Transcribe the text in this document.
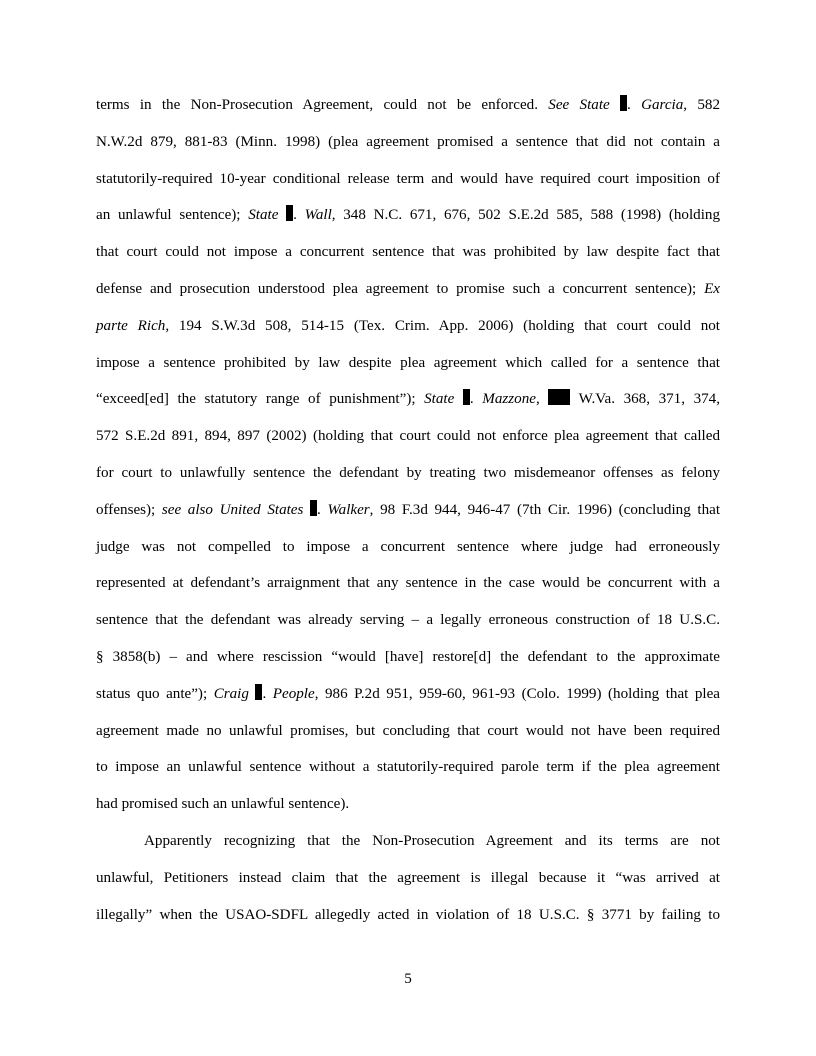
terms in the Non-Prosecution Agreement, could not be enforced. See State . Garcia, 582
N.W.2d 879, 881-83 (Minn. 1998) (plea agreement promised a sentence that did not contain a
statutorily-required 10-year conditional release term and would have required court imposition of
an unlawful sentence); State . Wall, 348 N.C. 671, 676, 502 S.E.2d 585, 588 (1998) (holding
that court could not impose a concurrent sentence that was prohibited by law despite fact that
defense and prosecution understood plea agreement to promise such a concurrent sentence); Ex
parte Rich, 194 S.W.3d 508, 514-15 (Tex. Crim. App. 2006) (holding that court could not
impose a sentence prohibited by law despite plea agreement which called for a sentence that
“exceed[ed] the statutory range of punishment”); State . Mazzone,  W.Va. 368, 371, 374,
572 S.E.2d 891, 894, 897 (2002) (holding that court could not enforce plea agreement that called
for court to unlawfully sentence the defendant by treating two misdemeanor offenses as felony
offenses); see also United States . Walker, 98 F.3d 944, 946-47 (7th Cir. 1996) (concluding that
judge was not compelled to impose a concurrent sentence where judge had erroneously
represented at defendant’s arraignment that any sentence in the case would be concurrent with a
sentence that the defendant was already serving – a legally erroneous construction of 18 U.S.C.
§ 3858(b) – and where rescission “would [have] restore[d] the defendant to the approximate
status quo ante”); Craig . People, 986 P.2d 951, 959-60, 961-93 (Colo. 1999) (holding that plea
agreement made no unlawful promises, but concluding that court would not have been required
to impose an unlawful sentence without a statutorily-required parole term if the plea agreement
had promised such an unlawful sentence).
Apparently recognizing that the Non-Prosecution Agreement and its terms are not
unlawful, Petitioners instead claim that the agreement is illegal because it “was arrived at
illegally” when the USAO-SDFL allegedly acted in violation of 18 U.S.C. § 3771 by failing to
5
